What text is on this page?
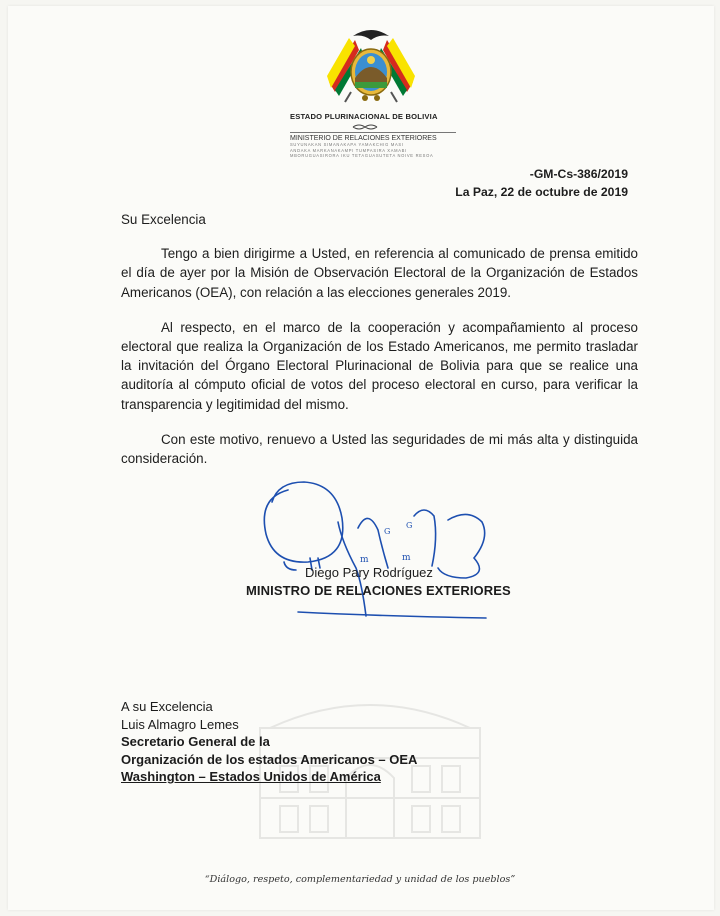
ESTADO PLURINACIONAL DE BOLIVIA
MINISTERIO DE RELACIONES EXTERIORES
SUYUNAKAN SIMANAKAPA YAMAKCHIG MASI
ANDAKA MARKANAKAMPI TUMPASIRA XAMABI
MBORUGUASIRORA IKU TETAGUASUTETA NOIVE RESOA
-GM-Cs-386/2019
La Paz, 22 de octubre de 2019
Su Excelencia

Tengo a bien dirigirme a Usted, en referencia al comunicado de prensa emitido el día de ayer por la Misión de Observación Electoral de la Organización de Estados Americanos (OEA), con relación a las elecciones generales 2019.

Al respecto, en el marco de la cooperación y acompañamiento al proceso electoral que realiza la Organización de los Estado Americanos, me permito trasladar la invitación del Órgano Electoral Plurinacional de Bolivia para que se realice una auditoría al cómputo oficial de votos del proceso electoral en curso, para verificar la transparencia y legitimidad del mismo.

Con este motivo, renuevo a Usted las seguridades de mi más alta y distinguida consideración.

G
G
m	m
Diego Pary Rodríguez
MINISTRO DE RELACIONES EXTERIORES
A su Excelencia
Luis Almagro Lemes
Secretario General de la
Organización de los estados Americanos – OEA
Washington – Estados Unidos de América
“Diálogo, respeto, complementariedad y unidad de los pueblos”
